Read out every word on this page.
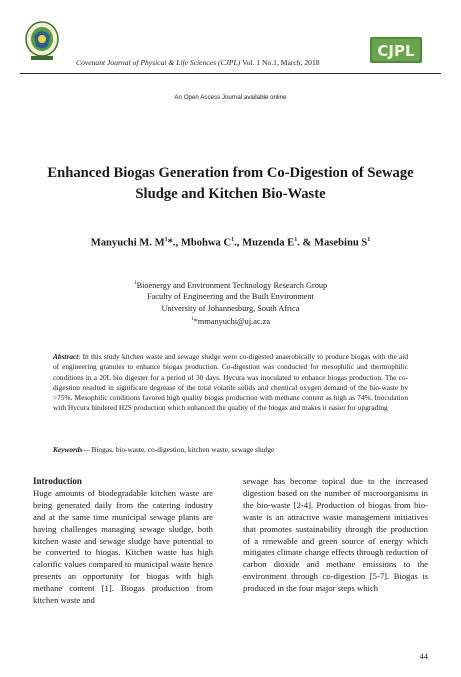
CJPL
Covenant Journal of Physical & Life Sciences (CJPL) Vol. 1 No.1, March, 2018
An Open Access Journal available online
Enhanced Biogas Generation from Co-Digestion of Sewage Sludge and Kitchen Bio-Waste
Manyuchi M. $M^1*$., Mbohwa $C^1$., Muzenda $E^1$. & Masebinu $S^1$
$^1$Bioenergy and Environment Technology Research Group
Faculty of Engineering and the Built Environment
University of Johannesburg, South Africa
$^1$*mmanyuchi@uj.ac.za
Abstract: In this study kitchen waste and sewage sludge were co-digested anaerobically to produce biogas with the aid of engineering granules to enhance biogas production. Co-digestion was conducted for mesophilic and thermophilic conditions in a 20L bio digester for a period of 30 days. Hycura was inoculated to enhance biogas production. The co-digestion resulted in significant degrease of the total volatile solids and chemical oxygen demand of the bio-waste by >75%. Mesophilic conditions favored high quality biogas production with methane content as high as 74%. Inoculation with Hycura hindered H2S production which enhanced the quality of the biogas and makes it easier for upgrading
Keywords— Biogas, bio-waste, co-digestion, kitchen waste, sewage sludge
Introduction

Huge amounts of biodegradable kitchen waste are being generated daily from the catering industry and at the same time municipal sewage plants are having challenges managing sewage sludge, both kitchen waste and sewage sludge have potential to be converted to biogas. Kitchen waste has high calorific values compared to municipal waste hence presents an opportunity for biogas with high methane content [1]. Biogas production from kitchen waste and

sewage has become topical due to the increased digestion based on the number of microorganisms in the bio-waste [2-4]. Production of biogas from bio-waste is an attractive waste management initiatives that promotes sustainability through the production of a renewable and green source of energy which mitigates climate change effects through reduction of carbon dioxide and methane emissions to the environment through co-digestion [5-7]. Biogas is produced in the four major steps which

44
